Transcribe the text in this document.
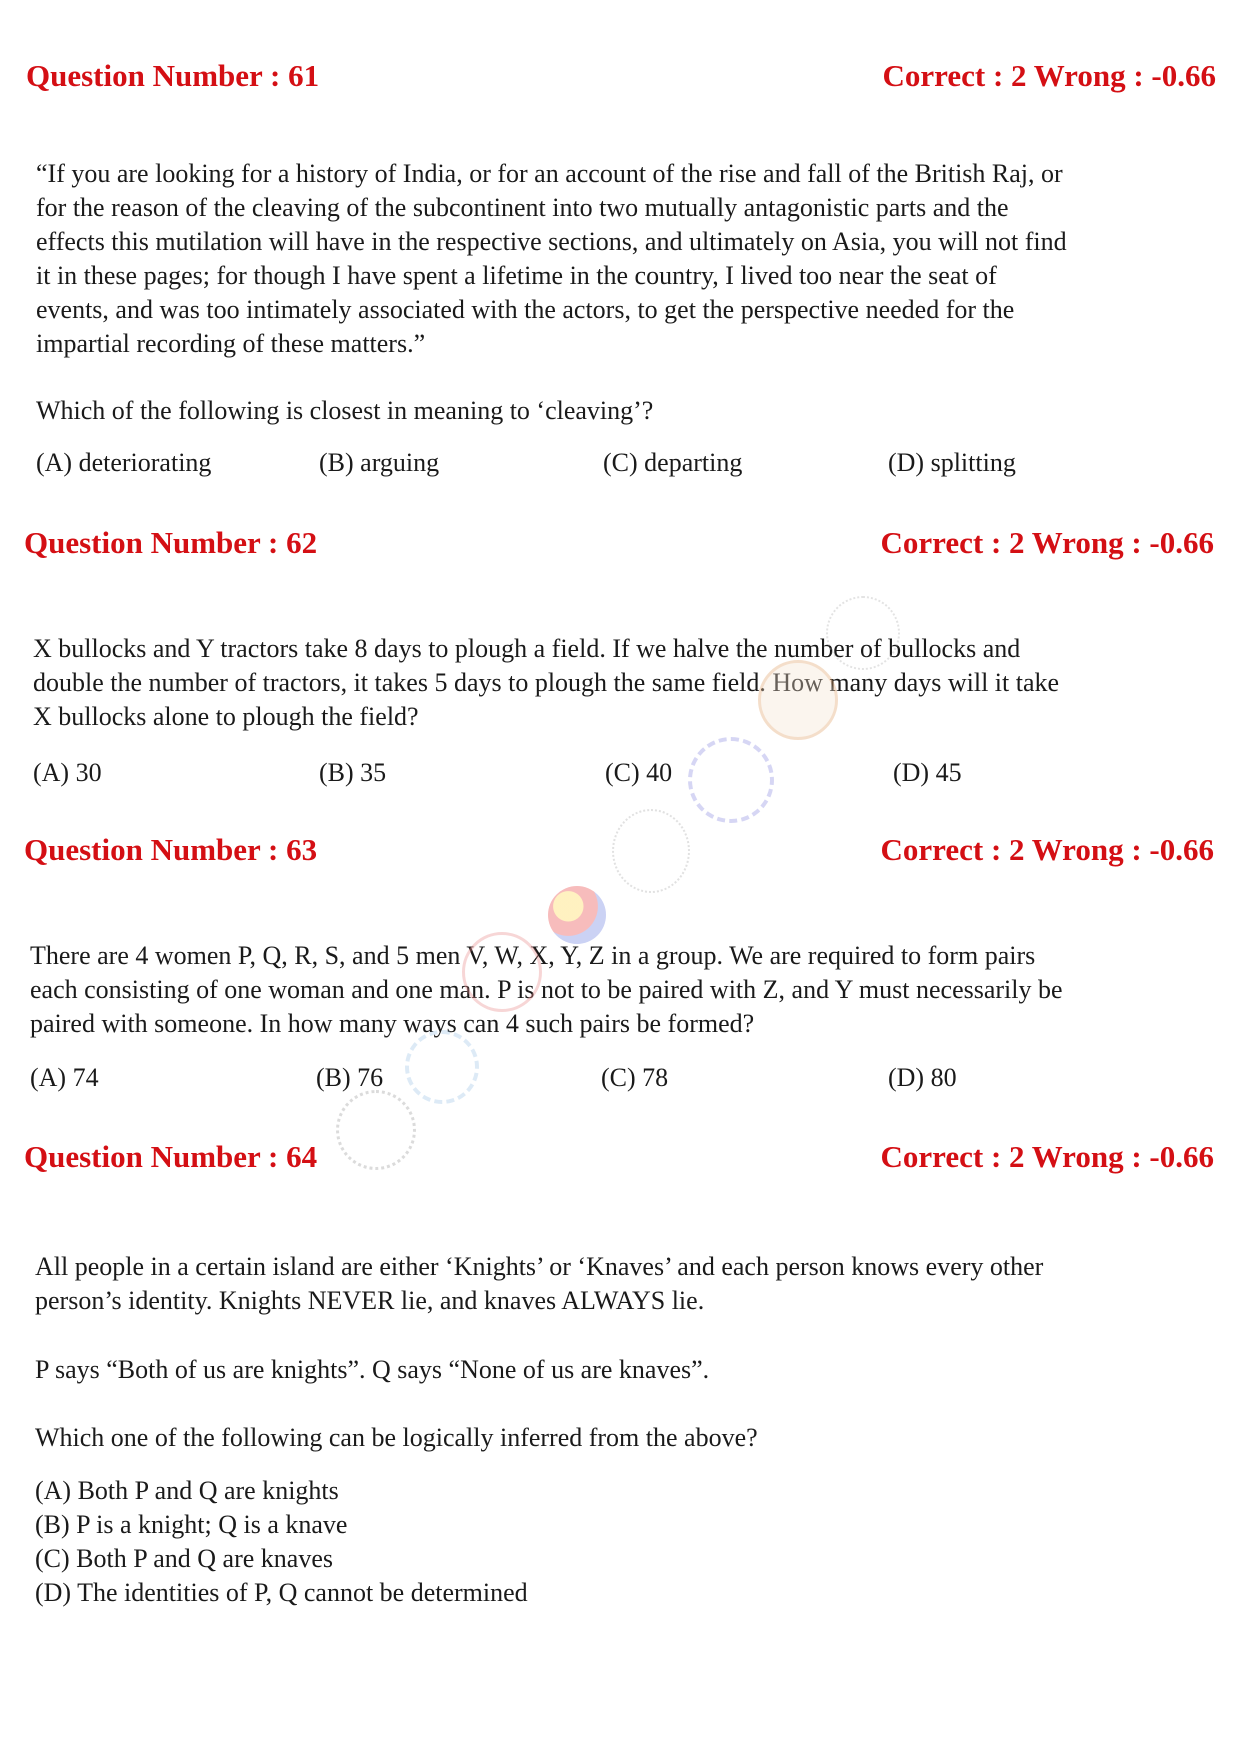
Question Number : 61	Correct : 2 Wrong : -0.66
“If you are looking for a history of India, or for an account of the rise and fall of the British Raj, or
for the reason of the cleaving of the subcontinent into two mutually antagonistic parts and the
effects this mutilation will have in the respective sections, and ultimately on Asia, you will not find
it in these pages; for though I have spent a lifetime in the country, I lived too near the seat of
events, and was too intimately associated with the actors, to get the perspective needed for the
impartial recording of these matters.”
Which of the following is closest in meaning to ‘cleaving’?
(A) deteriorating	(B) arguing	(C) departing	(D) splitting
Question Number : 62	Correct : 2 Wrong : -0.66
X bullocks and Y tractors take 8 days to plough a field. If we halve the number of bullocks and
double the number of tractors, it takes 5 days to plough the same field. How many days will it take
X bullocks alone to plough the field?
(A) 30	(B) 35	(C) 40	(D) 45
Question Number : 63	Correct : 2 Wrong : -0.66
There are 4 women P, Q, R, S, and 5 men V, W, X, Y, Z in a group. We are required to form pairs
each consisting of one woman and one man. P is not to be paired with Z, and Y must necessarily be
paired with someone. In how many ways can 4 such pairs be formed?
(A) 74	(B) 76	(C) 78	(D) 80
Question Number : 64	Correct : 2 Wrong : -0.66
All people in a certain island are either ‘Knights’ or ‘Knaves’ and each person knows every other
person’s identity. Knights NEVER lie, and knaves ALWAYS lie.
P says “Both of us are knights”. Q says “None of us are knaves”.
Which one of the following can be logically inferred from the above?
(A) Both P and Q are knights
(B) P is a knight; Q is a knave
(C) Both P and Q are knaves
(D) The identities of P, Q cannot be determined
